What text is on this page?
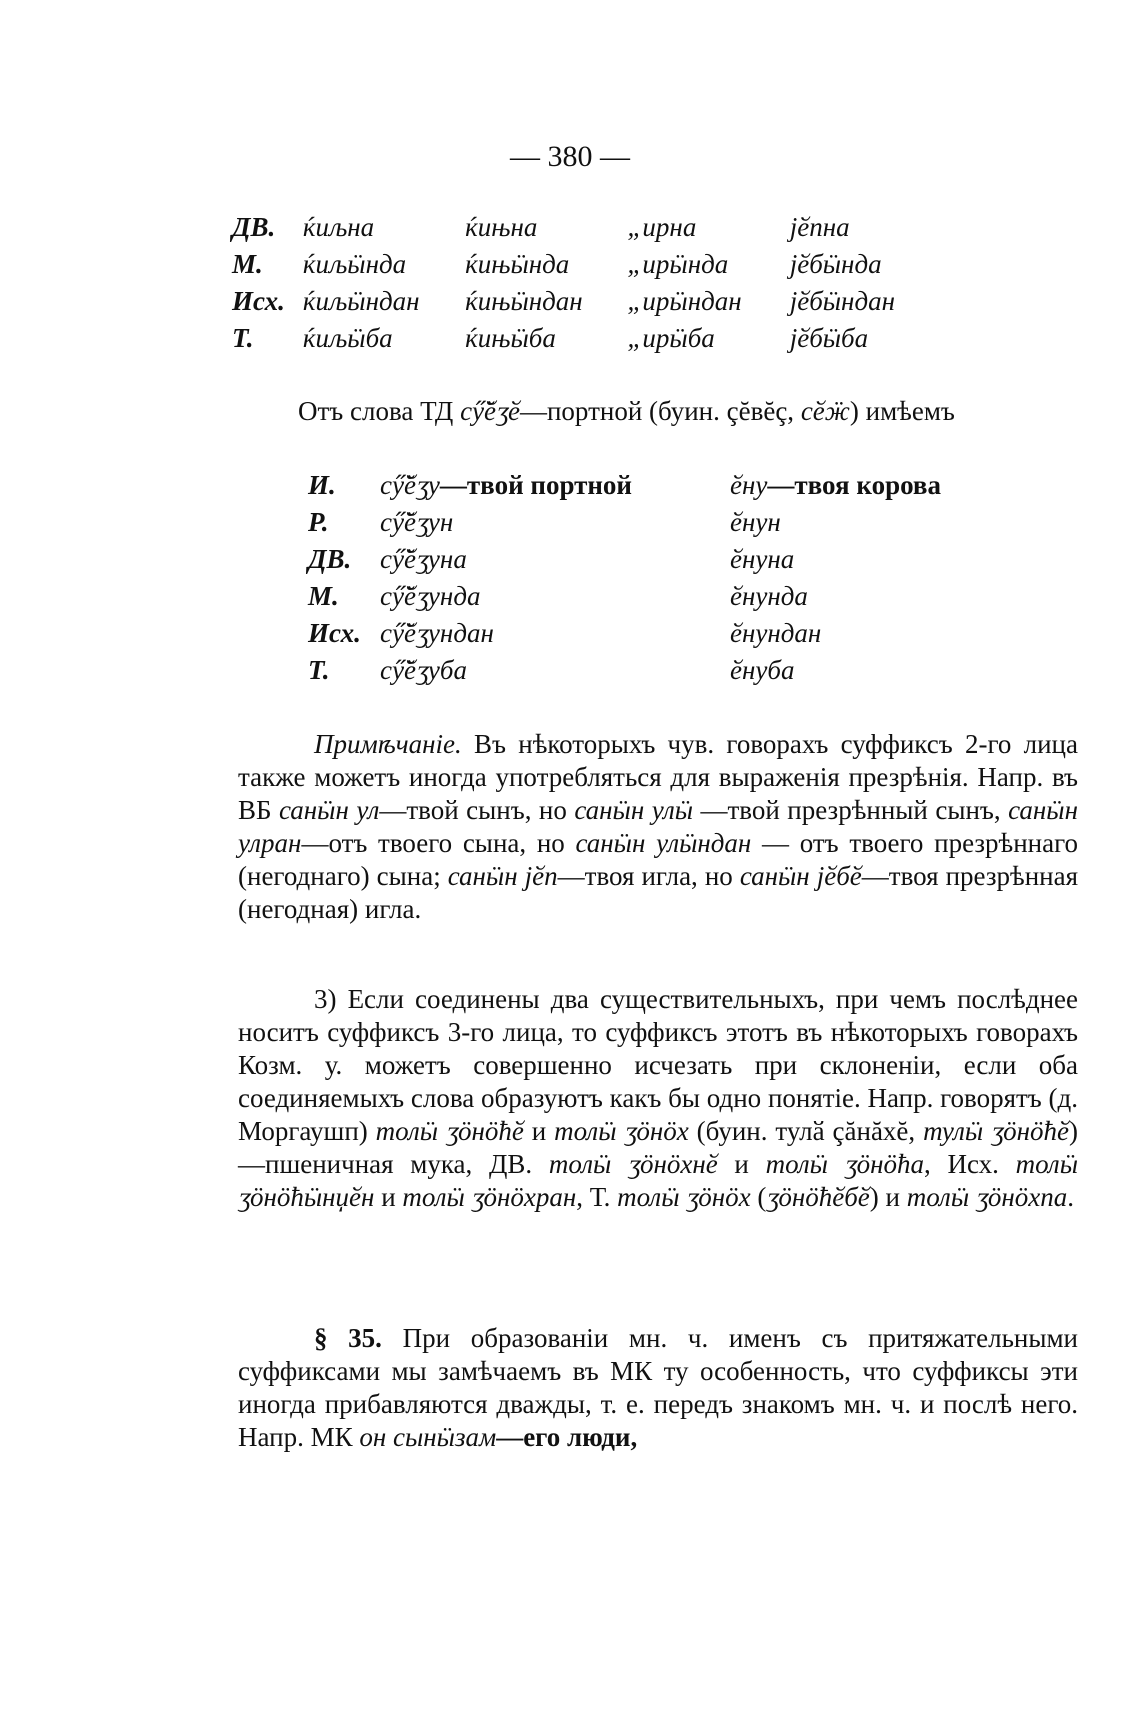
— 380 —
ДВ.	ќиљна	ќињна	„ирна	јӗпна
М.	ќиљӹнда	ќињӹнда	„ирӹнда	јӗбӹнда
Исх. ќиљӹндан	ќињӹндан	„ирӹндан	јӗбӹндан
Т.	ќиљӹба	ќињӹба	„ирӹба	јӗбӹба
Отъ слова ТД сӳ̆ӗӡӗ—портной (буин. çĕвĕç, сӗӝ) имѣемъ
И.	сӳ̆ӗӡу—твой портной	ӗну—твоя корова
Р.	сӳ̆ӗӡун	ӗнун
ДВ.	сӳ̆ӗӡуна	ӗнуна
М.	сӳ̆ӗӡунда	ӗнунда
Исх. сӳ̆ӗӡундан	ӗнундан
Т.	сӳ̆ӗӡуба	ӗнуба

Примѣчаніе. Въ нѣкоторыхъ чув. говорахъ суффиксъ 2-го лица также можетъ иногда употребляться для выраженія презрѣнія. Напр. въ ВБ санӹн ул—твой сынъ, но санӹн улӹ —твой презрѣнный сынъ, санӹн улран—отъ твоего сына, но санӹн улӹндан — отъ твоего презрѣннаго (негоднаго) сына; санӹн јӗп—твоя игла, но санӹн јӗбӗ—твоя презрѣнная (негодная) игла.

3) Если соединены два существительныхъ, при чемъ послѣднее носитъ суффиксъ 3-го лица, то суффиксъ этотъ въ нѣкоторыхъ говорахъ Козм. у. можетъ совершенно исчезать при склоненіи, если оба соединяемыхъ слова образуютъ какъ бы одно понятіе. Напр. говорятъ (д. Моргаушп) толӹ ӡӧнӧћӗ и толӹ ӡӧнӧх (буин. тулӑ çăнăхĕ, тулӹ ӡӧнӧћӗ)—пшеничная мука, ДВ. толӹ ӡӧнӧхнӗ и толӹ ӡӧнӧћа, Исх. толӹ ӡӧнӧћӹнџӗн и толӹ ӡӧнӧхран, Т. толӹ ӡӧнӧх (ӡӧнӧћӗбӗ) и толӹ ӡӧнӧхпа.

§ 35. При образованіи мн. ч. именъ съ притяжательными суффиксами мы замѣчаемъ въ МК ту особенность, что суффиксы эти иногда прибавляются дважды, т. е. передъ знакомъ мн. ч. и послѣ него. Напр. МК он сынӹзам—его люди,
